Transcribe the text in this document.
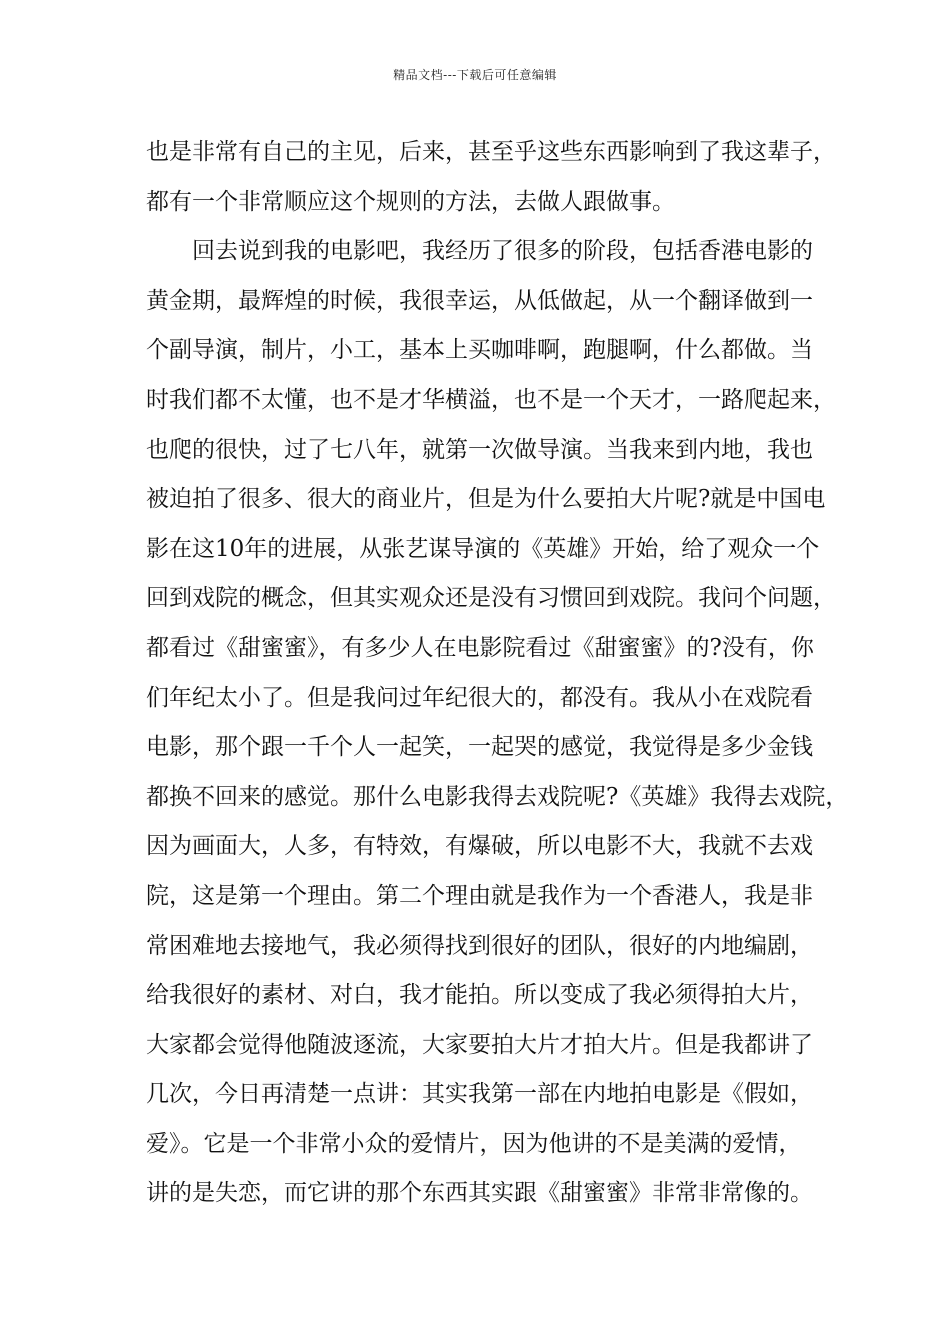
精品文档---下载后可任意编辑
也是非常有自己的主见，后来，甚至乎这些东西影响到了我这辈子，
都有一个非常顺应这个规则的方法，去做人跟做事。
回去说到我的电影吧，我经历了很多的阶段，包括香港电影的
黄金期，最辉煌的时候，我很幸运，从低做起，从一个翻译做到一
个副导演，制片，小工，基本上买咖啡啊，跑腿啊，什么都做。当
时我们都不太懂，也不是才华横溢，也不是一个天才，一路爬起来，
也爬的很快，过了七八年，就第一次做导演。当我来到内地，我也
被迫拍了很多、很大的商业片，但是为什么要拍大片呢?就是中国电
影在这10年的进展，从张艺谋导演的《英雄》开始，给了观众一个
回到戏院的概念，但其实观众还是没有习惯回到戏院。我问个问题，
都看过《甜蜜蜜》，有多少人在电影院看过《甜蜜蜜》的?没有，你
们年纪太小了。但是我问过年纪很大的，都没有。我从小在戏院看
电影，那个跟一千个人一起笑，一起哭的感觉，我觉得是多少金钱
都换不回来的感觉。那什么电影我得去戏院呢?《英雄》我得去戏院，
因为画面大，人多，有特效，有爆破，所以电影不大，我就不去戏
院，这是第一个理由。第二个理由就是我作为一个香港人，我是非
常困难地去接地气，我必须得找到很好的团队，很好的内地编剧，
给我很好的素材、对白，我才能拍。所以变成了我必须得拍大片，
大家都会觉得他随波逐流，大家要拍大片才拍大片。但是我都讲了
几次，今日再清楚一点讲：其实我第一部在内地拍电影是《假如，
爱》。它是一个非常小众的爱情片，因为他讲的不是美满的爱情，
讲的是失恋，而它讲的那个东西其实跟《甜蜜蜜》非常非常像的。
